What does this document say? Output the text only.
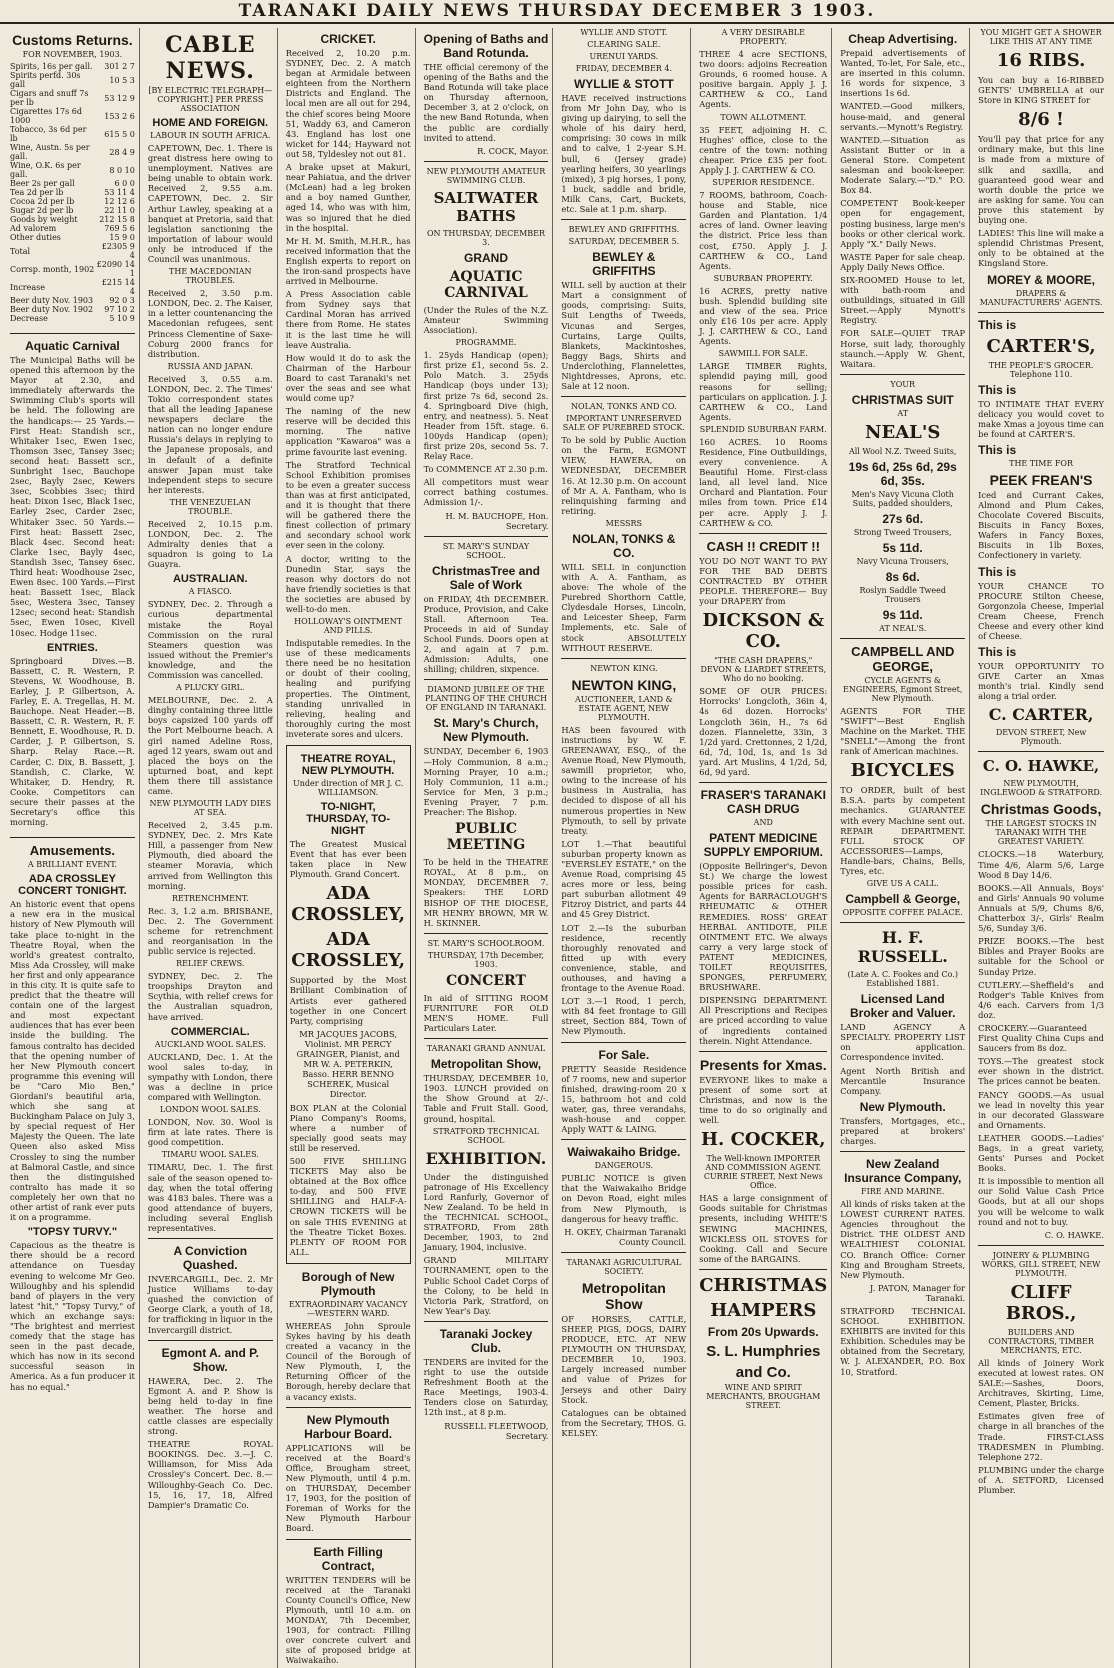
TARANAKI DAILY NEWS THURSDAY DECEMBER 3 1903.
Customs Returns.
FOR NOVEMBER, 1903.
Spirits, 16s per gall.	301 2 7
Spirits perfd. 30s gall	10 5 3
Cigars and snuff 7s per lb	53 12 9
Cigarettes 17s 6d 1000	153 2 6
Tobacco, 3s 6d per lb	615 5 0
Wine, Austn. 5s per gall.	28 4 9
Wine, O.K. 6s per gall.	8 0 10
Beer 2s per gall	6 0 0
Tea 2d per lb	53 11 4
Cocoa 2d per lb	12 12 6
Sugar 2d per lb	22 11 0
Goods by weight	212 15 8
Ad valorem	769 5 6
Other duties	15 9 0
Total	£2305 9 4
Corrsp. month, 1902	£2090 14 1
Increase	£215 14 4
Beer duty Nov. 1903	92 0 3
Beer duty Nov. 1902	97 10 2
Decrease	5 10 9
Aquatic Carnival

The Municipal Baths will be opened this afternoon by the Mayor at 2.30, and immediately afterwards the Swimming Club's sports will be held. The following are the handicaps:— 25 Yards.—First Heat: Standish scr., Whitaker 1sec, Ewen 1sec, Thomson 3sec, Tansey 3sec; second heat: Bassett scr., Sunbright 1sec, Bauchope 2sec, Bayly 2sec, Kewers 3sec, Scobbies 3sec; third heat: Dixon 1sec, Black 1sec, Earley 2sec, Carder 2sec, Whitaker 3sec. 50 Yards.—First heat: Bassett 2sec, Black 4sec. Second heat: Clarke 1sec, Bayly 4sec, Standish 3sec, Tansey 6sec. Third heat: Woodhouse 2sec, Ewen 8sec. 100 Yards.—First heat: Bassett 1sec, Black 5sec, Westera 3sec, Tansey 12sec; second heat: Standish 5sec, Ewen 10sec, Kivell 10sec. Hodge 11sec.

ENTRIES.

Springboard Dives.—B. Bassett, C. R. Western, P. Stevens, W. Woodhouse, B. Earley, J. P. Gilbertson, A. Farley, E. A. Tregellas, H. M. Bauchope. Neat Header.—B. Bassett, C. R. Western, R. F. Bennett, E. Woodhouse, R. D. Carder, J. P. Gilbertson, S. Sharp. Relay Race.—R. Carder, C. Dix, B. Bassett, J. Standish, C. Clarke, W. Whitaker, D. Hendry, R. Cooke. Competitors can secure their passes at the Secretary's office this morning.

Amusements.
A BRILLIANT EVENT.
ADA CROSSLEY CONCERT TONIGHT.

An historic event that opens a new era in the musical history of New Plymouth will take place to-night in the Theatre Royal, when the world's greatest contralto, Miss Ada Crossley, will make her first and only appearance in this city. It is quite safe to predict that the theatre will contain one of the largest and most expectant audiences that has ever been inside the building. The famous contralto has decided that the opening number of her New Plymouth concert programme this evening will be "Caro Mio Ben," Giordani's beautiful aria, which she sang at Buckingham Palace on July 3, by special request of Her Majesty the Queen. The late Queen also asked Miss Crossley to sing the number at Balmoral Castle, and since then the distinguished contralto has made it so completely her own that no other artist of rank ever puts it on a programme.

"TOPSY TURVY."

Capacious as the theatre is there should be a record attendance on Tuesday evening to welcome Mr Geo. Willoughby and his splendid band of players in the very latest "hit," "Topsy Turvy," of which an exchange says: "The brightest and merriest comedy that the stage has seen in the past decade, which has now in its second successful season in America. As a fun producer it has no equal."

CABLE NEWS.
[BY ELECTRIC TELEGRAPH—COPYRIGHT.] PER PRESS ASSOCIATION
HOME AND FOREIGN.
LABOUR IN SOUTH AFRICA.

CAPETOWN, Dec. 1. There is great distress here owing to unemployment. Natives are being unable to obtain work. Received 2, 9.55 a.m. CAPETOWN, Dec. 2. Sir Arthur Lawley, speaking at a banquet at Pretoria, said that legislation sanctioning the importation of labour would only be introduced if the Council was unanimous.

THE MACEDONIAN TROUBLES.

Received 2, 3.50 p.m. LONDON, Dec. 2. The Kaiser, in a letter countenancing the Macedonian refugees, sent Princess Clementine of Saxe-Coburg 2000 francs for distribution.

RUSSIA AND JAPAN.

Received 3, 0.55 a.m. LONDON, Dec. 2. The Times' Tokio correspondent states that all the leading Japanese newspapers declare the nation can no longer endure Russia's delays in replying to the Japanese proposals, and in default of a definite answer Japan must take independent steps to secure her interests.

THE VENEZUELAN TROUBLE.

Received 2, 10.15 p.m. LONDON, Dec. 2. The Admiralty denies that a squadron is going to La Guayra.

AUSTRALIAN.
A FIASCO.

SYDNEY, Dec. 2. Through a curious departmental mistake the Royal Commission on the rural Steamers question was issued without the Premier's knowledge, and the Commission was cancelled.

A PLUCKY GIRL.

MELBOURNE, Dec. 2. A dinghy containing three little boys capsized 100 yards off the Port Melbourne beach. A girl named Adeline Ross, aged 12 years, swam out and placed the boys on the upturned boat, and kept them there till assistance came.

NEW PLYMOUTH LADY DIES AT SEA.

Received 2, 3.45 p.m. SYDNEY, Dec. 2. Mrs Kate Hill, a passenger from New Plymouth, died aboard the steamer Moravia, which arrived from Wellington this morning.

RETRENCHMENT.

Rec. 3, 1.2 a.m. BRISBANE, Dec. 2. The Government scheme for retrenchment and reorganisation in the public service is rejected.

RELIEF CREWS.

SYDNEY, Dec. 2. The troopships Drayton and Scythia, with relief crews for the Australian squadron, have arrived.

COMMERCIAL.
AUCKLAND WOOL SALES.

AUCKLAND, Dec. 1. At the wool sales to-day, in sympathy with London, there was a decline in price compared with Wellington.

LONDON WOOL SALES.

LONDON, Nov. 30. Wool is firm at late rates. There is good competition.

TIMARU WOOL SALES.

TIMARU, Dec. 1. The first sale of the season opened to-day, when the total offering was 4183 bales. There was a good attendance of buyers, including several English representatives.

A Conviction Quashed.

INVERCARGILL, Dec. 2. Mr Justice Williams to-day quashed the conviction of George Clark, a youth of 18, for trafficking in liquor in the Invercargill district.

Egmont A. and P. Show.

HAWERA, Dec. 2. The Egmont A. and P. Show is being held to-day in fine weather. The horse and cattle classes are especially strong.

THEATRE ROYAL BOOKINGS. Dec. 3.—J. C. Williamson, for Miss Ada Crossley's Concert. Dec. 8.—Willoughby-Geach Co. Dec. 15, 16, 17, 18, Alfred Dampier's Dramatic Co.

CRICKET.

Received 2, 10.20 p.m. SYDNEY, Dec. 2. A match began at Armidale between eighteen from the Northern Districts and England. The local men are all out for 294, the chief scores being Moore 51, Waddy 63, and Cameron 43. England has lost one wicket for 144; Hayward not out 58, Tyldesley not out 81.

A brake upset at Makuri, near Pahiatua, and the driver (McLean) had a leg broken and a boy named Gunther, aged 14, who was with him, was so injured that he died in the hospital.

Mr H. M. Smith, M.H.R., has received information that the English experts to report on the iron-sand prospects have arrived in Melbourne.

A Press Association cable from Sydney says that Cardinal Moran has arrived there from Rome. He states it is the last time he will leave Australia.

How would it do to ask the Chairman of the Harbour Board to cast Taranaki's net over the seas and see what would come up?

The naming of the new reserve will be decided this morning. The native application "Kawaroa" was a prime favourite last evening.

The Stratford Technical School Exhibition promises to be even a greater success than was at first anticipated, and it is thought that there will be gathered there the finest collection of primary and secondary school work ever seen in the colony.

A doctor, writing to the Dunedin Star, says the reason why doctors do not have friendly societies is that the societies are abused by well-to-do men.

HOLLOWAY'S OINTMENT AND PILLS.

Indisputable remedies. In the use of these medicaments there need be no hesitation or doubt of their cooling, healing and purifying properties. The Ointment, standing unrivalled in relieving, healing and thoroughly curing the most inveterate sores and ulcers.

THEATRE ROYAL, NEW PLYMOUTH.
Under direction of MR J. C. WILLIAMSON.
TO-NIGHT, THURSDAY, TO-NIGHT

The Greatest Musical Event that has ever been taken place in New Plymouth. Grand Concert.

ADA CROSSLEY,
ADA CROSSLEY,

Supported by the Most Brilliant Combination of Artists ever gathered together in one Concert Party, comprising

MR JACQUES JACOBS, Violinist. MR PERCY GRAINGER, Pianist, and MR W. A. PETERKIN, Basso. HERR BENNO SCHEREK, Musical Director.

BOX PLAN at the Colonial Piano Company's Rooms, where a number of specially good seats may still be reserved.

500 FIVE SHILLING TICKETS May also be obtained at the Box office to-day, and 500 FIVE SHILLING and HALF-A-CROWN TICKETS will be on sale THIS EVENING at the Theatre Ticket Boxes. PLENTY OF ROOM FOR ALL.

Borough of New Plymouth
EXTRAORDINARY VACANCY—WESTERN WARD.

WHEREAS John Sproule Sykes having by his death created a vacancy in the Council of the Borough of New Plymouth, I, the Returning Officer of the Borough, hereby declare that a vacancy exists.

New Plymouth Harbour Board.

APPLICATIONS will be received at the Board's Office, Brougham street, New Plymouth, until 4 p.m. on THURSDAY, December 17, 1903, for the position of Foreman of Works for the New Plymouth Harbour Board.

Earth Filling Contract,

WRITTEN TENDERS will be received at the Taranaki County Council's Office, New Plymouth, until 10 a.m. on MONDAY, 7th December, 1903, for contract: Filling over concrete culvert and site of proposed bridge at Waiwakaiho.

Opening of Baths and Band Rotunda.

THE official ceremony of the opening of the Baths and the Band Rotunda will take place on Thursday afternoon, December 3, at 2 o'clock, on the new Band Rotunda, when the public are cordially invited to attend.

R. COCK, Mayor.

NEW PLYMOUTH AMATEUR SWIMMING CLUB.
SALTWATER BATHS
ON THURSDAY, DECEMBER 3.
GRAND
AQUATIC CARNIVAL

(Under the Rules of the N.Z. Amateur Swimming Association).

PROGRAMME.

1. 25yds Handicap (open); first prize £1, second 5s. 2. Polo Match. 3. 25yds Handicap (boys under 13); first prize 7s 6d, second 2s. 4. Springboard Dive (high, entry, and neatness). 5. Neat Header from 15ft. stage. 6. 100yds Handicap (open); first prize 20s, second 5s. 7. Relay Race.

To COMMENCE AT 2.30 p.m.

All competitors must wear correct bathing costumes. Admission 1/-.

H. M. BAUCHOPE, Hon. Secretary.

ST. MARY'S SUNDAY SCHOOL.
ChristmasTree and Sale of Work

on FRIDAY, 4th DECEMBER. Produce, Provision, and Cake Stall. Afternoon Tea. Proceeds in aid of Sunday School Funds. Doors open at 2, and again at 7 p.m. Admission: Adults, one shilling; children, sixpence.

DIAMOND JUBILEE OF THE PLANTING OF THE CHURCH OF ENGLAND IN TARANAKI.
St. Mary's Church, New Plymouth.

SUNDAY, December 6, 1903—Holy Communion, 8 a.m.; Morning Prayer, 10 a.m.; Holy Communion, 11 a.m.; Service for Men, 3 p.m.; Evening Prayer, 7 p.m. Preacher: The Bishop.

PUBLIC MEETING

To be held in the THEATRE ROYAL, At 8 p.m., on MONDAY, DECEMBER 7. Speakers: THE LORD BISHOP OF THE DIOCESE, MR HENRY BROWN, MR W. H. SKINNER.

ST. MARY'S SCHOOLROOM.
THURSDAY, 17th December, 1903.
CONCERT

In aid of SITTING ROOM FURNITURE FOR OLD MEN'S HOME. Full Particulars Later.

TARANAKI GRAND ANNUAL
Metropolitan Show,

THURSDAY, DECEMBER 10, 1903. LUNCH provided on the Show Ground at 2/-. Table and Fruit Stall. Good, ground, hospital.

STRATFORD TECHNICAL SCHOOL
EXHIBITION.

Under the distinguished patronage of His Excellency Lord Ranfurly, Governor of New Zealand. To be held in the TECHNICAL SCHOOL, STRATFORD, From 28th December, 1903, to 2nd January, 1904, inclusive.

GRAND MILITARY TOURNAMENT, open to the Public School Cadet Corps of the Colony, to be held in Victoria Park, Stratford, on New Year's Day.

Taranaki Jockey Club.

TENDERS are invited for the right to use the outside Refreshment Booth at the Race Meetings, 1903-4. Tenders close on Saturday, 12th inst., at 8 p.m.

RUSSELL FLEETWOOD, Secretary.

WYLLIE AND STOTT.
CLEARING SALE.
URENUI YARDS.
FRIDAY, DECEMBER 4.
WYLLIE & STOTT

HAVE received instructions from Mr John Day, who is giving up dairying, to sell the whole of his dairy herd, comprising: 30 cows in milk and to calve, 1 2-year S.H. bull, 6 (Jersey grade) yearling heifers, 30 yearlings (mixed), 3 pig horses, 1 pony, 1 buck, saddle and bridle, Milk Cans, Cart, Buckets, etc. Sale at 1 p.m. sharp.

BEWLEY AND GRIFFITHS.
SATURDAY, DECEMBER 5.
BEWLEY & GRIFFITHS

WILL sell by auction at their Mart a consignment of goods, comprising: Suits, Suit Lengths of Tweeds, Vicunas and Serges, Curtains, Large Quilts, Blankets, Mackintoshes, Baggy Bags, Shirts and Underclothing, Flannelettes, Nightdresses, Aprons, etc. Sale at 12 noon.

NOLAN, TONKS AND CO.
IMPORTANT UNRESERVED SALE OF PUREBRED STOCK.

To be sold by Public Auction on the Farm, EGMONT VIEW, HAWERA, on WEDNESDAY, DECEMBER 16. At 12.30 p.m. On account of Mr A. A. Fantham, who is relinquishing farming and retiring.

MESSRS
NOLAN, TONKS & CO.

WILL SELL in conjunction with A. A. Fantham, as above: The whole of the Purebred Shorthorn Cattle, Clydesdale Horses, Lincoln, and Leicester Sheep, Farm Implements, etc. Sale of stock ABSOLUTELY WITHOUT RESERVE.

NEWTON KING.
NEWTON KING,
AUCTIONEER, LAND & ESTATE AGENT, NEW PLYMOUTH.

HAS been favoured with instructions by W. F. GREENAWAY, ESQ., of the Avenue Road, New Plymouth, sawmill proprietor, who, owing to the increase of his business in Australia, has decided to dispose of all his numerous properties in New Plymouth, to sell by private treaty.

LOT 1.—That beautiful suburban property known as "EVERSLEY ESTATE," on the Avenue Road, comprising 45 acres more or less, being part suburban allotment 49 Fitzroy District, and parts 44 and 45 Grey District.

LOT 2.—Is the suburban residence, recently thoroughly renovated and fitted up with every convenience, stable, and outhouses, and having a frontage to the Avenue Road.

LOT 3.—1 Rood, 1 perch, with 84 feet frontage to Gill street, Section 884, Town of New Plymouth.

For Sale.

PRETTY Seaside Residence of 7 rooms, new and superior finished, drawing-room 20 x 15, bathroom hot and cold water, gas, three verandahs, wash-house and copper. Apply WATT & LAING.

Waiwakaiho Bridge.
DANGEROUS.

PUBLIC NOTICE is given that the Waiwakaiho Bridge on Devon Road, eight miles from New Plymouth, is dangerous for heavy traffic.

H. OKEY, Chairman Taranaki County Council.

TARANAKI AGRICULTURAL SOCIETY.
Metropolitan Show

OF HORSES, CATTLE, SHEEP, PIGS, DOGS, DAIRY PRODUCE, ETC. AT NEW PLYMOUTH ON THURSDAY, DECEMBER 10, 1903. Largely increased number and value of Prizes for Jerseys and other Dairy Stock.

Catalogues can be obtained from the Secretary, THOS. G. KELSEY.

A VERY DESIRABLE PROPERTY.

THREE 4 acre SECTIONS, two doors: adjoins Recreation Grounds, 6 roomed house. A positive bargain. Apply J. J. CARTHEW & CO., Land Agents.

TOWN ALLOTMENT.

35 FEET, adjoining H. C. Hughes' office, close to the centre of the town: nothing cheaper. Price £35 per foot. Apply J. J. CARTHEW & CO.

SUPERIOR RESIDENCE.

7 ROOMS, bathroom, Coach-house and Stable, nice Garden and Plantation. 1/4 acres of land. Owner leaving the district. Price less than cost, £750. Apply J. J. CARTHEW & CO., Land Agents.

SUBURBAN PROPERTY.

16 ACRES, pretty native bush. Splendid building site and view of the sea. Price only £16 10s per acre. Apply J. J. CARTHEW & CO., Land Agents.

SAWMILL FOR SALE.

LARGE TIMBER Rights, splendid paying mill, good reasons for selling; particulars on application. J. J. CARTHEW & CO., Land Agents.

SPLENDID SUBURBAN FARM.

160 ACRES. 10 Rooms Residence, Fine Outbuildings, every convenience. A Beautiful Home. First-class land, all level land. Nice Orchard and Plantation. Four miles from town. Price £14 per acre. Apply J. J. CARTHEW & CO.

CASH !! CREDIT !!

YOU DO NOT WANT TO PAY FOR THE BAD DEBTS CONTRACTED BY OTHER PEOPLE. THEREFORE— Buy your DRAPERY from

DICKSON & CO.
"THE CASH DRAPERS," DEVON & LIARDET STREETS, Who do no booking.

SOME OF OUR PRICES: Horrocks' Longcloth, 36in 4, 4s 6d dozen. Horrocks' Longcloth 36in, H., 7s 6d dozen. Flannelette, 33in, 3 1/2d yard. Crettonnes, 2 1/2d, 6d, 7d, 10d, 1s, and 1s 3d yard. Art Muslins, 4 1/2d, 5d, 6d, 9d yard.

FRASER'S TARANAKI CASH DRUG
AND
PATENT MEDICINE SUPPLY EMPORIUM.

(Opposite Bellringer's, Devon St.) We charge the lowest possible prices for cash. Agents for BARRACLOUGH'S RHEUMATIC & OTHER REMEDIES. ROSS' GREAT HERBAL ANTIDOTE, PILE OINTMENT ETC. We always carry a very large stock of PATENT MEDICINES, TOILET REQUISITES, SPONGES, PERFUMERY, BRUSHWARE.

DISPENSING DEPARTMENT. All Prescriptions and Recipes are priced according to value of ingredients contained therein. Night Attendance.

Presents for Xmas.

EVERYONE likes to make a present of some sort at Christmas, and now is the time to do so originally and well.

H. COCKER,
The Well-known IMPORTER AND COMMISSION AGENT. CURRIE STREET, Next News Office.

HAS a large consignment of Goods suitable for Christmas presents, including WHITE'S SEWING MACHINES, WICKLESS OIL STOVES for Cooking. Call and Secure some of the BARGAINS.

CHRISTMAS
HAMPERS
From 20s Upwards.
S. L. Humphries
and Co.
WINE AND SPIRIT MERCHANTS, BROUGHAM STREET.
Cheap Advertising.

Prepaid advertisements of Wanted, To-let, For Sale, etc., are inserted in this column. 16 words for sixpence, 3 insertions 1s 6d.

WANTED.—Good milkers, house-maid, and general servants.—Mynott's Registry.

WANTED.—Situation as Assistant Butter or in a General Store. Competent salesman and book-keeper. Moderate Salary.—"D." P.O. Box 84.

COMPETENT Book-keeper open for engagement, posting business, large men's books or other clerical work. Apply "X." Daily News.

WASTE Paper for sale cheap. Apply Daily News Office.

SIX-ROOMED House to let, with bath-room and outbuildings, situated in Gill Street.—Apply Mynott's Registry.

FOR SALE—QUIET TRAP Horse, suit lady, thoroughly staunch.—Apply W. Ghent, Waitara.

YOUR
CHRISTMAS SUIT
AT
NEAL'S
All Wool N.Z. Tweed Suits,
19s 6d, 25s 6d, 29s 6d, 35s.
Men's Navy Vicuna Cloth Suits, padded shoulders,
27s 6d.
Strong Tweed Trousers,
5s 11d.
Navy Vicuna Trousers,
8s 6d.
Roslyn Saddle Tweed Trousers
9s 11d.
AT NEAL'S.
CAMPBELL AND GEORGE,
CYCLE AGENTS & ENGINEERS, Egmont Street, New Plymouth.

AGENTS FOR THE "SWIFT"—Best English Machine on the Market. THE "SNELL"—Among the front rank of American machines.

BICYCLES

TO ORDER, built of best B.S.A. parts by competent mechanics. GUARANTEE with every Machine sent out. REPAIR DEPARTMENT. FULL STOCK OF ACCESSORIES—Lamps, Handle-bars, Chains, Bells, Tyres, etc.

GIVE US A CALL.
Campbell & George,
OPPOSITE COFFEE PALACE.
H. F. RUSSELL.
(Late A. C. Fookes and Co.) Established 1881.
Licensed Land Broker and Valuer.

LAND AGENCY A SPECIALTY. PROPERTY LIST on application. Correspondence invited.

Agent North British and Mercantile Insurance Company.

New Plymouth.

Transfers, Mortgages, etc., prepared at brokers' charges.

New Zealand Insurance Company,
FIRE AND MARINE.

All kinds of risks taken at the LOWEST CURRENT RATES. Agencies throughout the District. THE OLDEST AND WEALTHIEST COLONIAL CO. Branch Office: Corner King and Brougham Streets, New Plymouth.

J. PATON, Manager for Taranaki.

STRATFORD TECHNICAL SCHOOL EXHIBITION. EXHIBITS are invited for this Exhibition. Schedules may be obtained from the Secretary, W. J. ALEXANDER, P.O. Box 10, Stratford.

YOU MIGHT GET A SHOWER LIKE THIS AT ANY TIME
16 RIBS.

You can buy a 16-RIBBED GENTS' UMBRELLA at our Store in KING STREET for

8/6 !

You'll pay that price for any ordinary make, but this line is made from a mixture of silk and saxilla, and guaranteed good wear and worth double the price we are asking for same. You can prove this statement by buying one.

LADIES! This line will make a splendid Christmas Present, only to be obtained at the Kingsland Store.

MOREY & MOORE,
DRAPERS & MANUFACTURERS' AGENTS.
This is
CARTER'S,
THE PEOPLE'S GROCER. Telephone 110.
This is

TO INTIMATE THAT EVERY delicacy you would covet to make Xmas a joyous time can be found at CARTER'S.

This is
THE TIME FOR
PEEK FREAN'S

Iced and Currant Cakes, Almond and Plum Cakes, Chocolate Covered Biscuits, Biscuits in Fancy Boxes, Wafers in Fancy Boxes, Biscuits in 1lb Boxes, Confectionery in variety.

This is

YOUR CHANCE TO PROCURE Stilton Cheese, Gorgonzola Cheese, Imperial Cream Cheese, French Cheese and every other kind of Cheese.

This is

YOUR OPPORTUNITY TO GIVE Carter an Xmas month's trial. Kindly send along a trial order.

C. CARTER,
DEVON STREET, New Plymouth.
C. O. HAWKE,
NEW PLYMOUTH, INGLEWOOD & STRATFORD.
Christmas Goods,
THE LARGEST STOCKS IN TARANAKI WITH THE GREATEST VARIETY.

CLOCKS.—18 Waterbury, Time 4/6, Alarm 5/6, Large Wood 8 Day 14/6.

BOOKS.—All Annuals, Boys' and Girls' Annuals 90 volume Annuals at 5/9, Chums 8/6, Chatterbox 3/-, Girls' Realm 5/6, Sunday 3/6.

PRIZE BOOKS.—The best Bibles and Prayer Books are suitable for the School or Sunday Prize.

CUTLERY.—Sheffield's and Rodger's Table Knives from 4/6 each. Carvers from 1/3 doz.

CROCKERY.—Guaranteed First Quality China Cups and Saucers from 8s doz.

TOYS.—The greatest stock ever shown in the district. The prices cannot be beaten.

FANCY GOODS.—As usual we lead in novelty this year in our decorated Glassware and Ornaments.

LEATHER GOODS.—Ladies' Bags, in a great variety, Gents' Purses and Pocket Books.

It is impossible to mention all our Solid Value Cash Price Goods, but at all our shops you will be welcome to walk round and not to buy.

C. O. HAWKE.

JOINERY & PLUMBING WORKS, GILL STREET, NEW PLYMOUTH.
CLIFF BROS.,
BUILDERS AND CONTRACTORS, TIMBER MERCHANTS, ETC.

All kinds of Joinery Work executed at lowest rates. ON SALE:—Sashes, Doors, Architraves, Skirting, Lime, Cement, Plaster, Bricks.

Estimates given free of charge in all branches of the Trade. FIRST-CLASS TRADESMEN in Plumbing. Telephone 272.

PLUMBING under the charge of A. SETFORD, Licensed Plumber.
